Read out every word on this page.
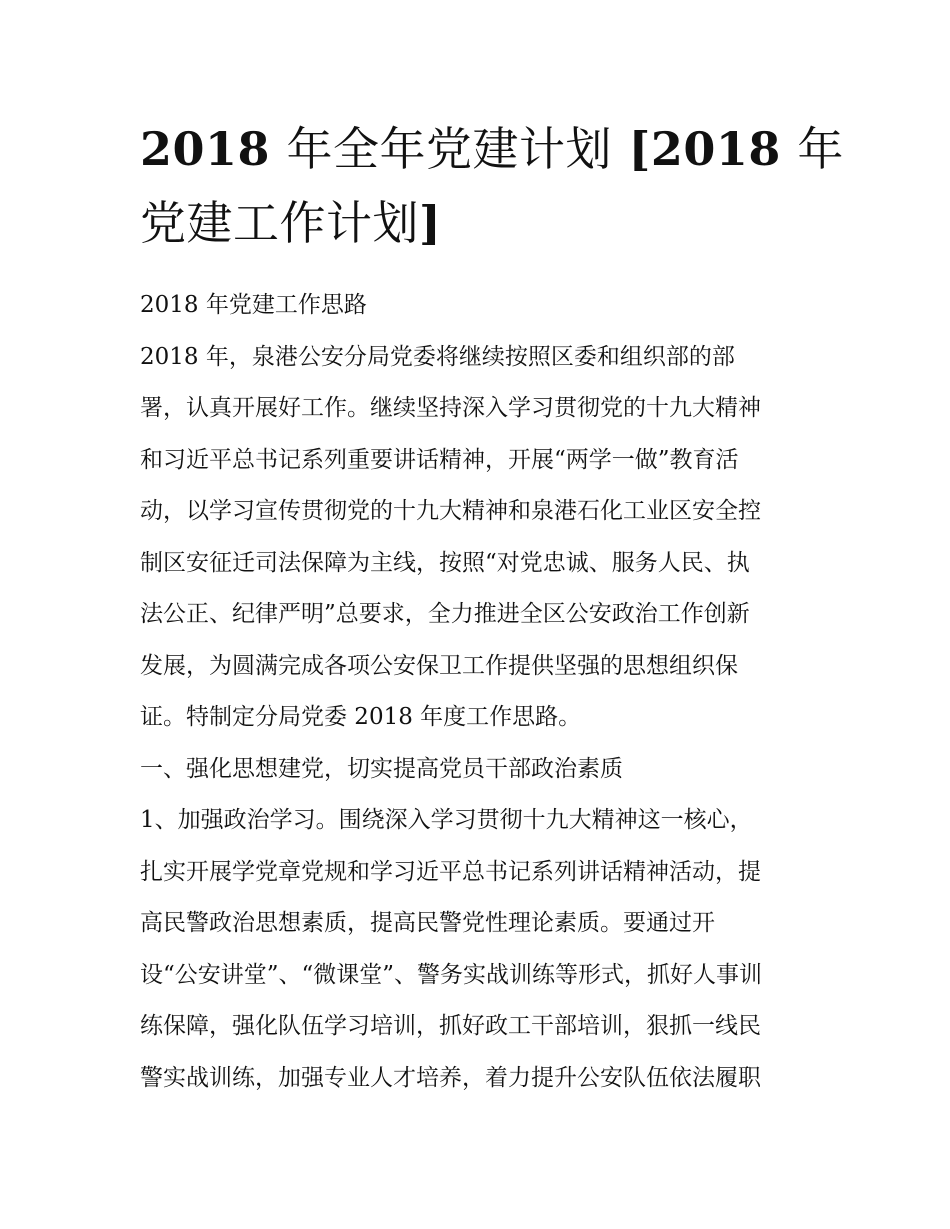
2018 年全年党建计划 [2018 年
党建工作计划]
2018 年党建工作思路
2018 年，泉港公安分局党委将继续按照区委和组织部的部
署，认真开展好工作。继续坚持深入学习贯彻党的十九大精神
和习近平总书记系列重要讲话精神，开展“两学一做”教育活
动，以学习宣传贯彻党的十九大精神和泉港石化工业区安全控
制区安征迁司法保障为主线，按照“对党忠诚、服务人民、执
法公正、纪律严明”总要求，全力推进全区公安政治工作创新
发展，为圆满完成各项公安保卫工作提供坚强的思想组织保
证。特制定分局党委 2018 年度工作思路。
一、强化思想建党，切实提高党员干部政治素质
1、加强政治学习。围绕深入学习贯彻十九大精神这一核心，
扎实开展学党章党规和学习近平总书记系列讲话精神活动，提
高民警政治思想素质，提高民警党性理论素质。要通过开
设“公安讲堂”、“微课堂”、警务实战训练等形式，抓好人事训
练保障，强化队伍学习培训，抓好政工干部培训，狠抓一线民
警实战训练，加强专业人才培养，着力提升公安队伍依法履职
